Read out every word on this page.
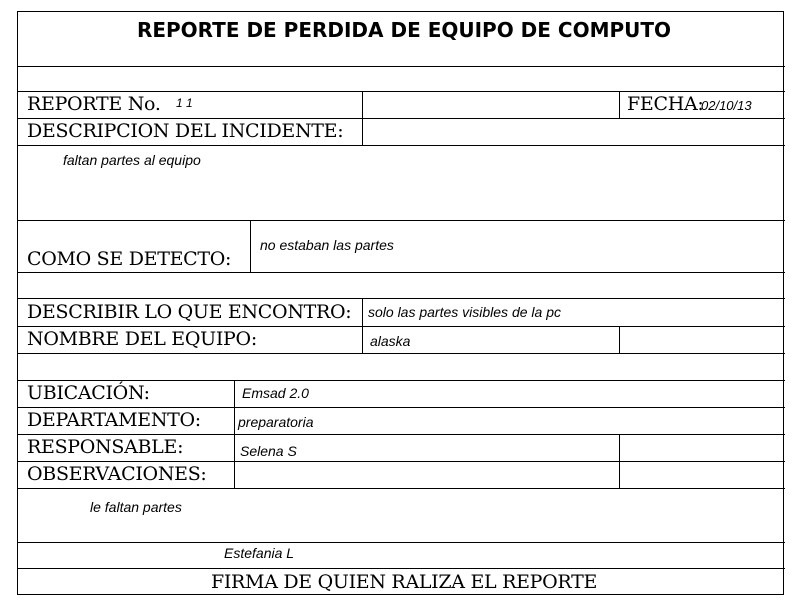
REPORTE DE PERDIDA DE EQUIPO DE COMPUTO
REPORTE No. 1 1	FECHA:
02/10/13
DESCRIPCION DEL INCIDENTE:
faltan partes al equipo
COMO SE DETECTO:
no estaban las partes
DESCRIBIR LO QUE ENCONTRO: solo las partes visibles de la pc
NOMBRE DEL EQUIPO:	alaska
UBICACIÓN:	Emsad 2.0
DEPARTAMENTO:	preparatoria
RESPONSABLE:	Selena S
OBSERVACIONES:
le faltan partes
Estefania L
FIRMA DE QUIEN RALIZA EL REPORTE
